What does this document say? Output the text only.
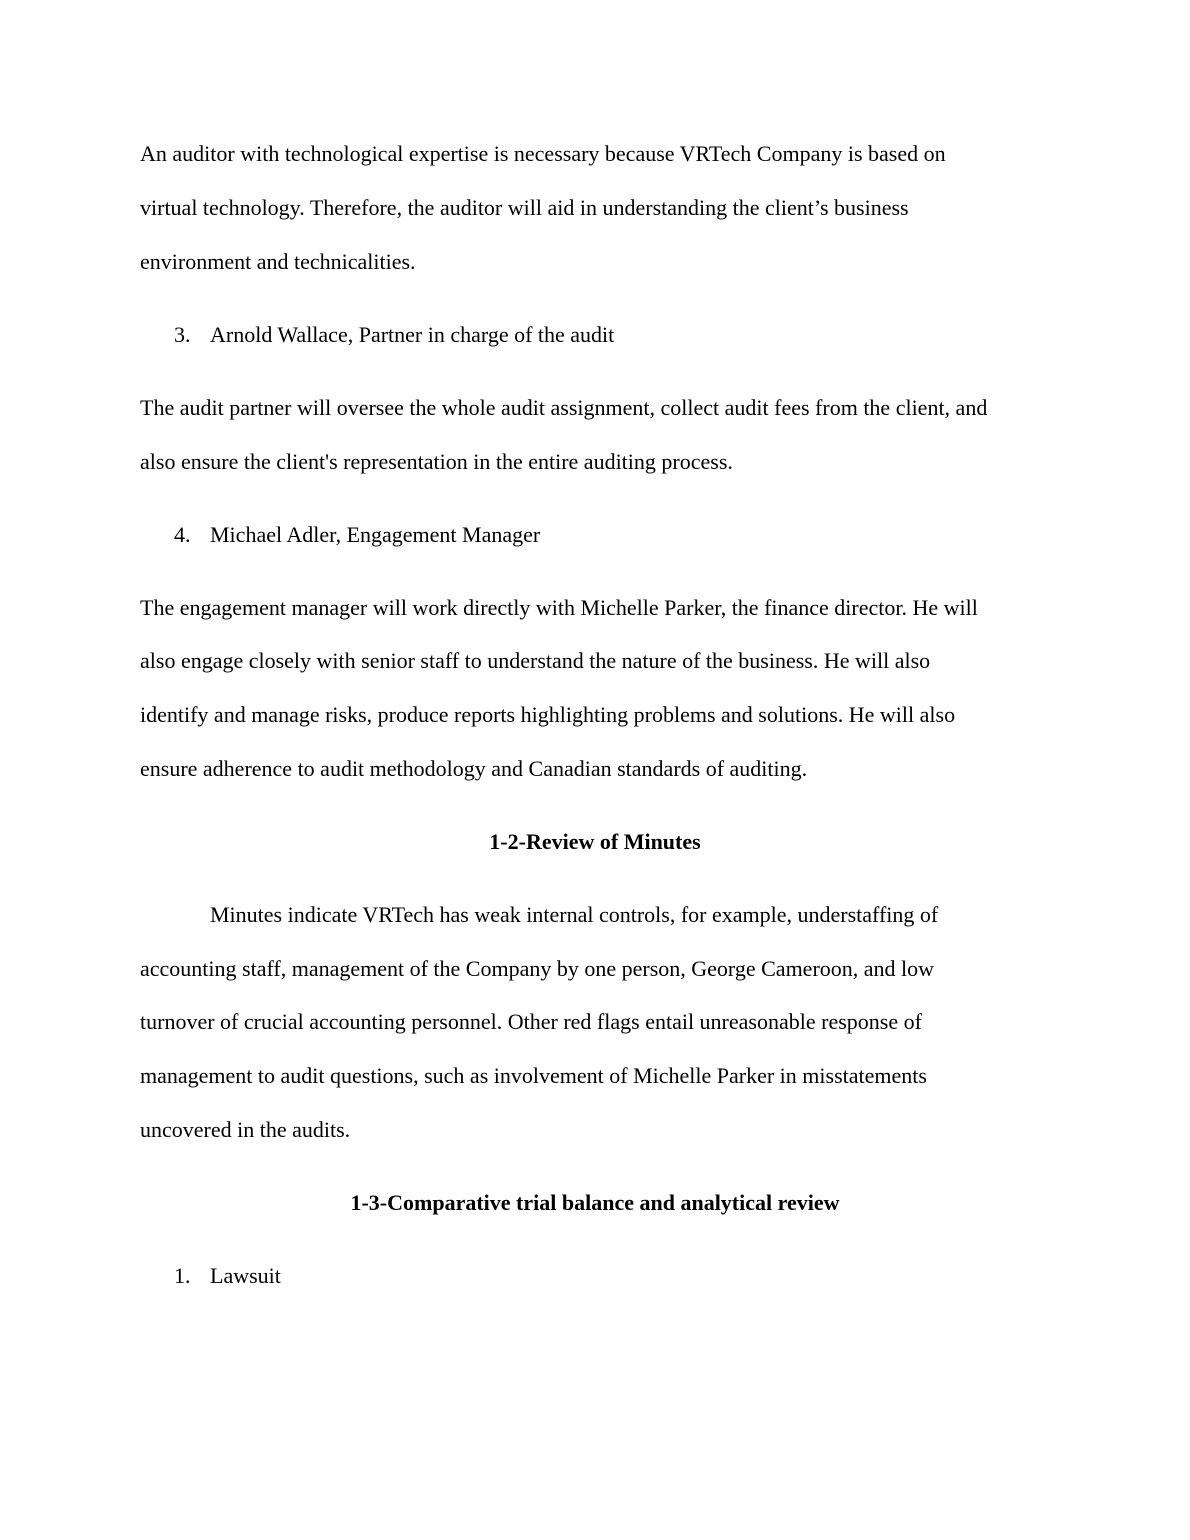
An auditor with technological expertise is necessary because VRTech Company is based on
virtual technology. Therefore, the auditor will aid in understanding the client’s business
environment and technicalities.
3. Arnold Wallace, Partner in charge of the audit
The audit partner will oversee the whole audit assignment, collect audit fees from the client, and
also ensure the client's representation in the entire auditing process.
4. Michael Adler, Engagement Manager
The engagement manager will work directly with Michelle Parker, the finance director. He will
also engage closely with senior staff to understand the nature of the business. He will also
identify and manage risks, produce reports highlighting problems and solutions. He will also
ensure adherence to audit methodology and Canadian standards of auditing.
1-2-Review of Minutes
Minutes indicate VRTech has weak internal controls, for example, understaffing of
accounting staff, management of the Company by one person, George Cameroon, and low
turnover of crucial accounting personnel. Other red flags entail unreasonable response of
management to audit questions, such as involvement of Michelle Parker in misstatements
uncovered in the audits.
1-3-Comparative trial balance and analytical review
1. Lawsuit
